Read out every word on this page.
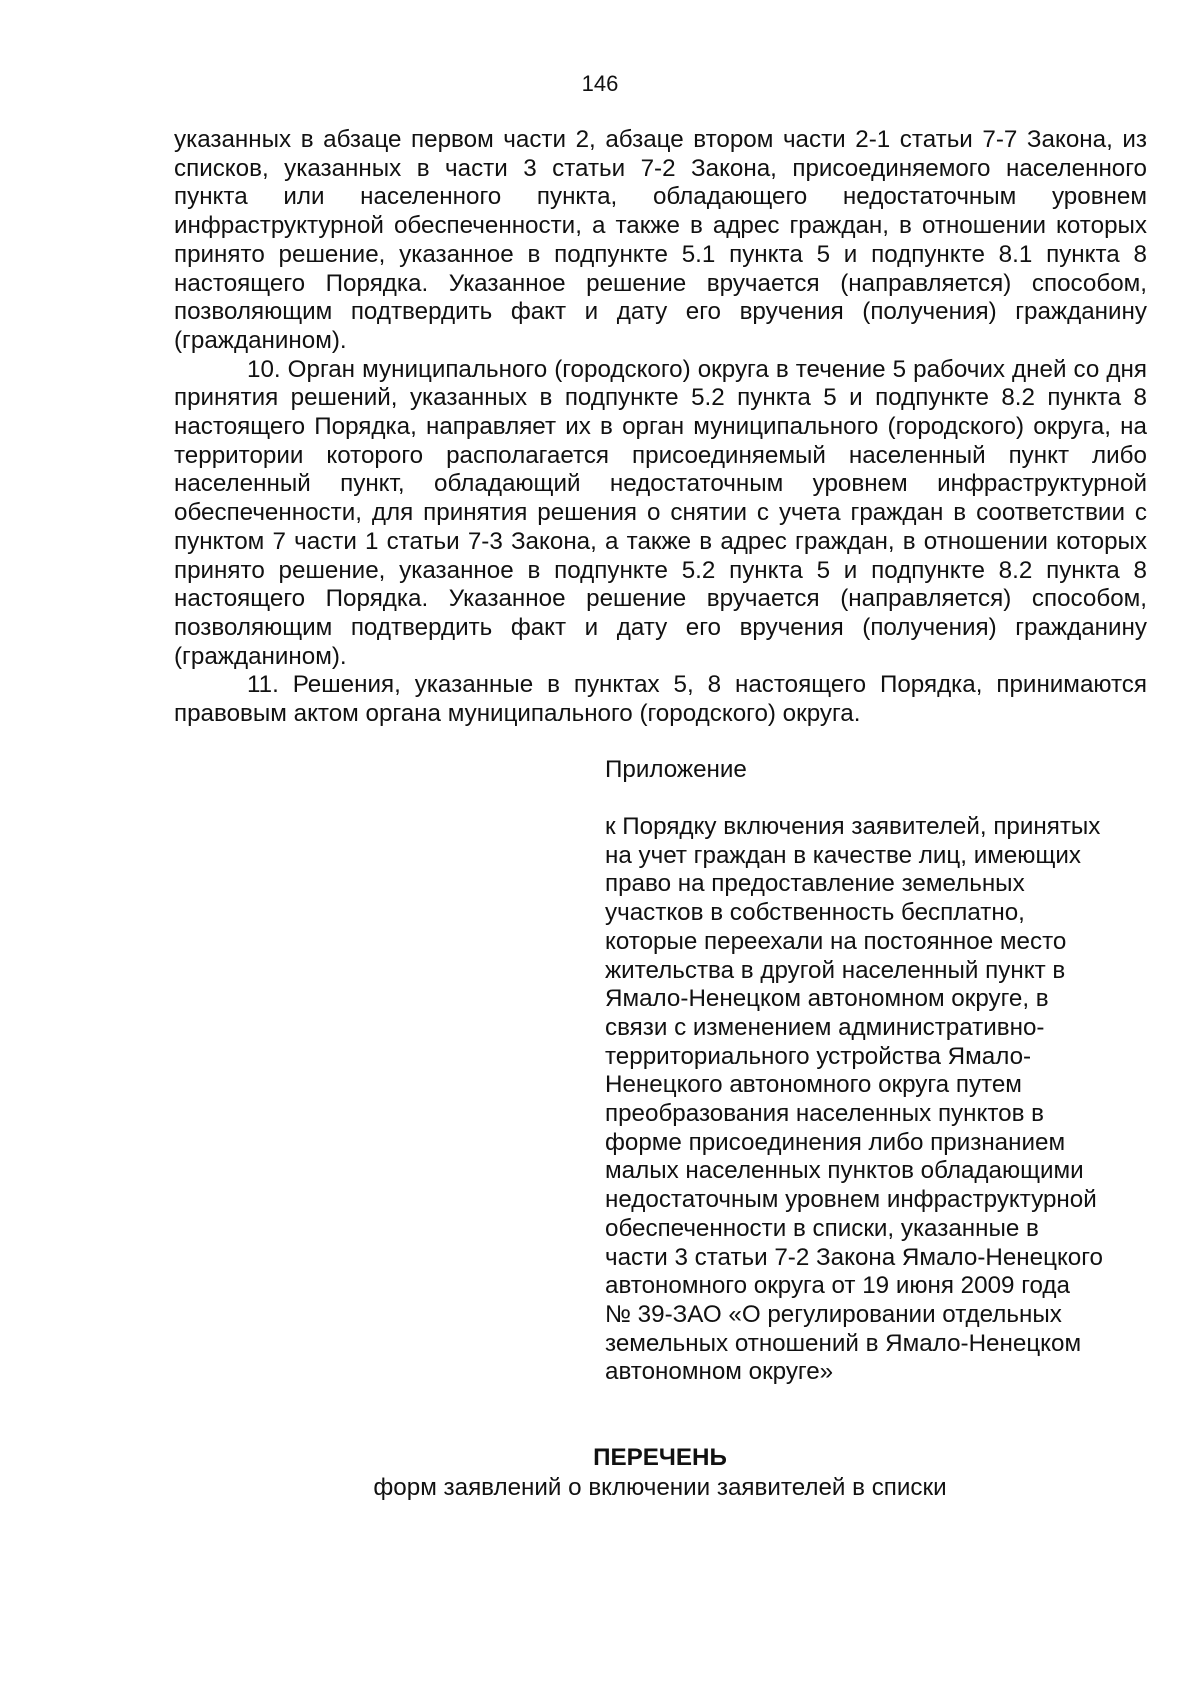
146

указанных в абзаце первом части 2, абзаце втором части 2-1 статьи 7-7 Закона, из списков, указанных в части 3 статьи 7-2 Закона, присоединяемого населенного пункта или населенного пункта, обладающего недостаточным уровнем инфраструктурной обеспеченности, а также в адрес граждан, в отношении которых принято решение, указанное в подпункте 5.1 пункта 5 и подпункте 8.1 пункта 8 настоящего Порядка. Указанное решение вручается (направляется) способом, позволяющим подтвердить факт и дату его вручения (получения) гражданину (гражданином).

10. Орган муниципального (городского) округа в течение 5 рабочих дней со дня принятия решений, указанных в подпункте 5.2 пункта 5 и подпункте 8.2 пункта 8 настоящего Порядка, направляет их в орган муниципального (городского) округа, на территории которого располагается присоединяемый населенный пункт либо населенный пункт, обладающий недостаточным уровнем инфраструктурной обеспеченности, для принятия решения о снятии с учета граждан в соответствии с пунктом 7 части 1 статьи 7-3 Закона, а также в адрес граждан, в отношении которых принято решение, указанное в подпункте 5.2 пункта 5 и подпункте 8.2 пункта 8 настоящего Порядка. Указанное решение вручается (направляется) способом, позволяющим подтвердить факт и дату его вручения (получения) гражданину (гражданином).

11. Решения, указанные в пунктах 5, 8 настоящего Порядка, принимаются правовым актом органа муниципального (городского) округа.

Приложение
к Порядку включения заявителей, принятых
на учет граждан в качестве лиц, имеющих
право на предоставление земельных
участков в собственность бесплатно,
которые переехали на постоянное место
жительства в другой населенный пункт в
Ямало-Ненецком автономном округе, в
связи с изменением административно-
территориального устройства Ямало-
Ненецкого автономного округа путем
преобразования населенных пунктов в
форме присоединения либо признанием
малых населенных пунктов обладающими
недостаточным уровнем инфраструктурной
обеспеченности в списки, указанные в
части 3 статьи 7-2 Закона Ямало-Ненецкого
автономного округа от 19 июня 2009 года
№ 39-ЗАО «О регулировании отдельных
земельных отношений в Ямало-Ненецком
автономном округе»
ПЕРЕЧЕНЬ
форм заявлений о включении заявителей в списки
